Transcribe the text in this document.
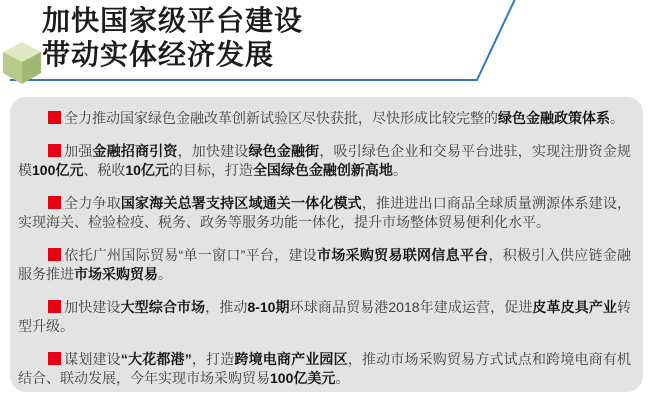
加快国家级平台建设
带动实体经济发展

全力推动国家绿色金融改革创新试验区尽快获批，尽快形成比较完整的绿色金融政策体系。

加强金融招商引资，加快建设绿色金融街，吸引绿色企业和交易平台进驻，实现注册资金规模100亿元、税收10亿元的目标，打造全国绿色金融创新高地。

全力争取国家海关总署支持区域通关一体化模式，推进进出口商品全球质量溯源体系建设，实现海关、检验检疫、税务、政务等服务功能一体化，提升市场整体贸易便利化水平。

依托广州国际贸易“单一窗口”平台，建设市场采购贸易联网信息平台，积极引入供应链金融服务推进市场采购贸易。

加快建设大型综合市场，推动8-10期环球商品贸易港2018年建成运营，促进皮革皮具产业转型升级。

谋划建设“大花都港”，打造跨境电商产业园区，推动市场采购贸易方式试点和跨境电商有机结合、联动发展，今年实现市场采购贸易100亿美元。
